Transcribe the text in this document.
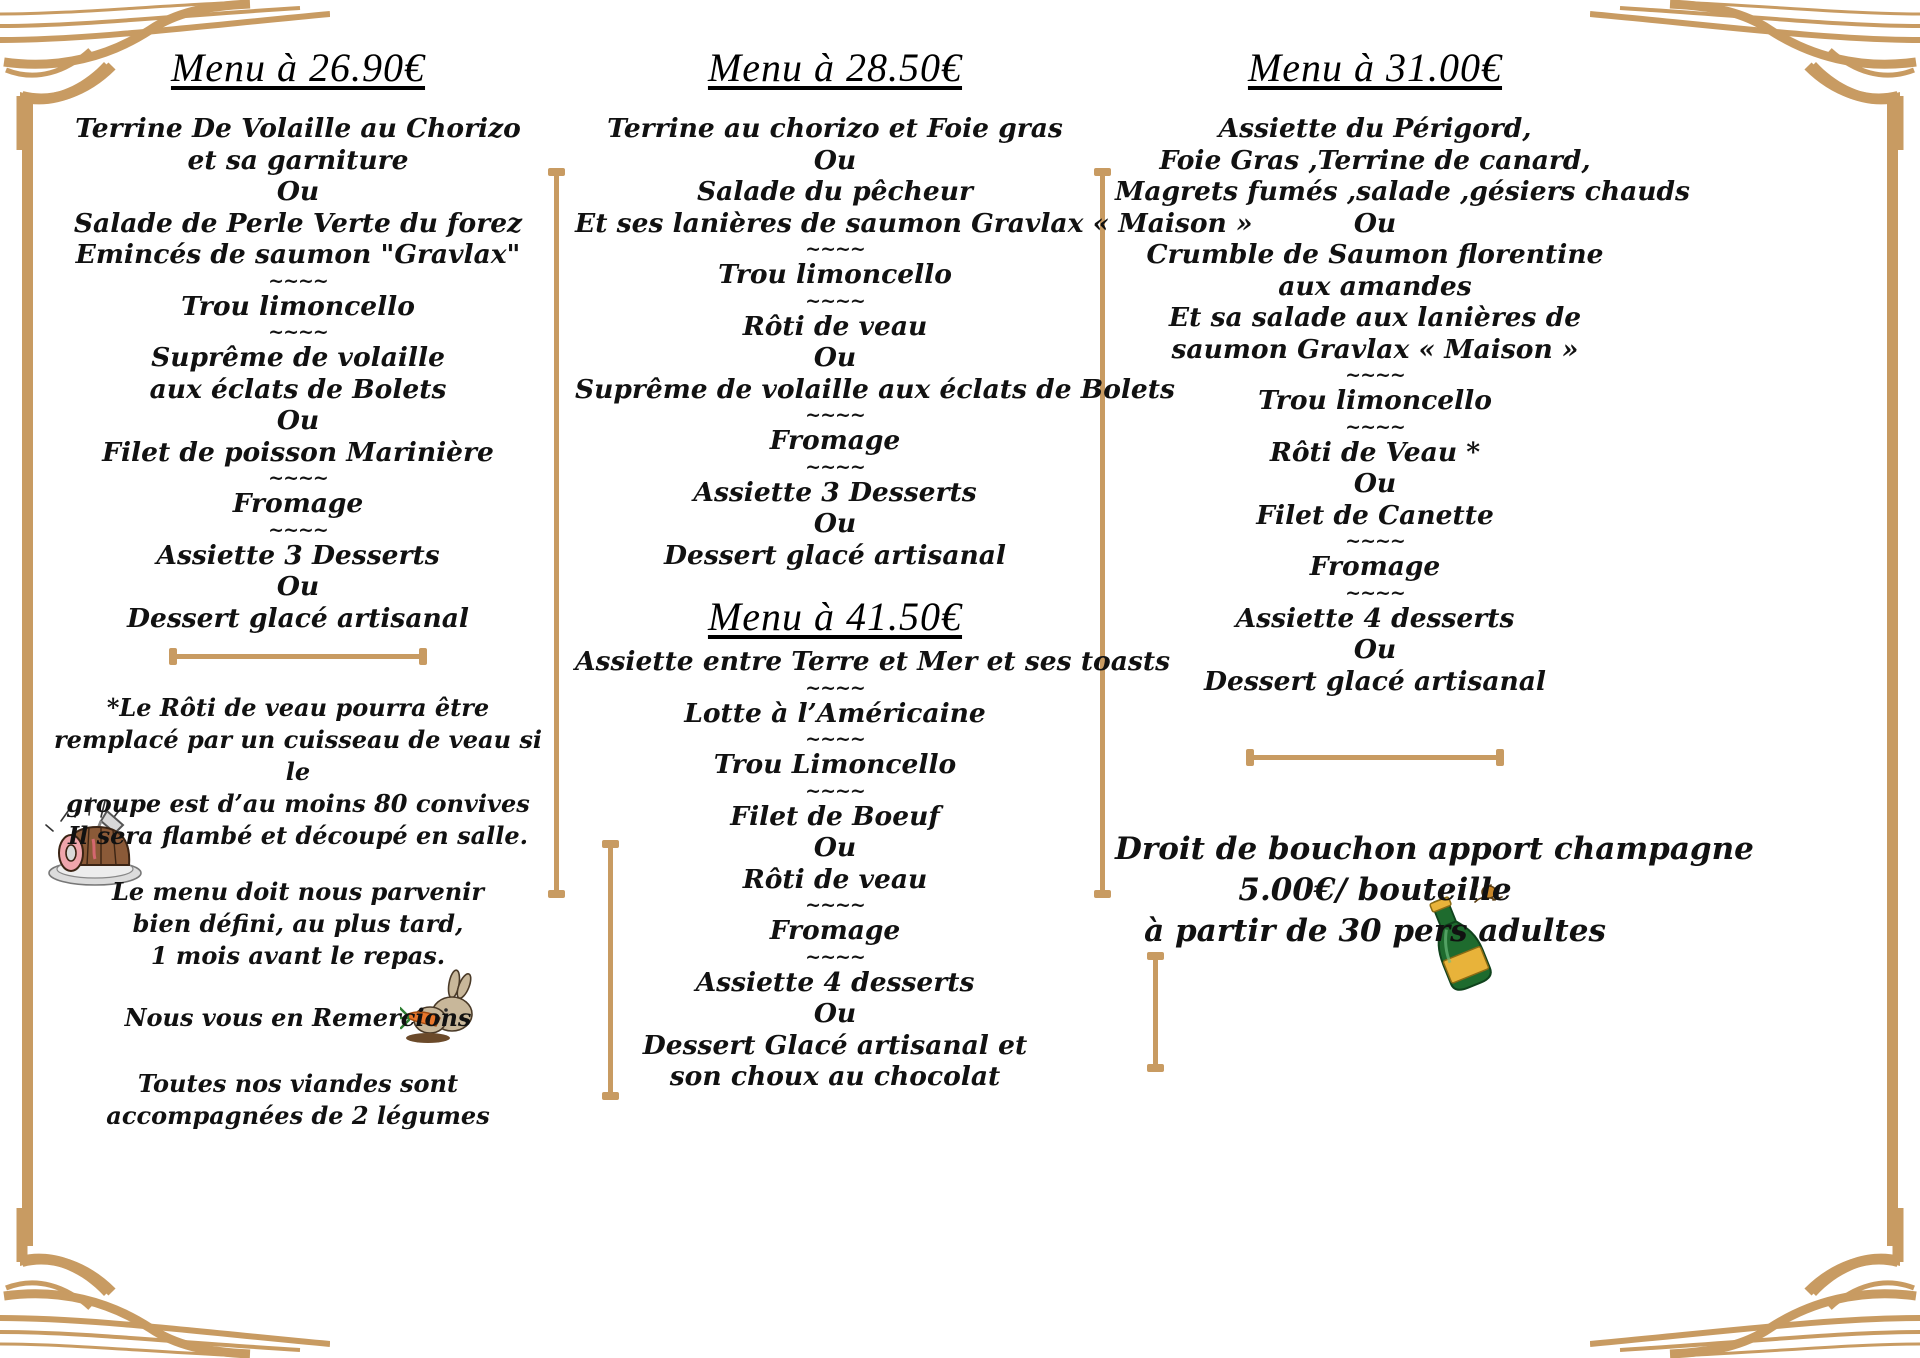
Menu à 26.90€
Terrine De Volaille au Chorizo
et sa garniture
Ou
Salade de Perle Verte du forez
Emincés de saumon "Gravlax"
~~~~
Trou limoncello
~~~~
Suprême de volaille
aux éclats de Bolets
Ou
Filet de poisson Marinière
~~~~
Fromage
~~~~
Assiette 3 Desserts
Ou
Dessert glacé artisanal
*Le Rôti de veau pourra être
remplacé par un cuisseau de veau si le
groupe est d’au moins 80 convives
Il sera flambé et découpé en salle.
Le menu doit nous parvenir
bien défini, au plus tard,
1 mois avant le repas.
Nous vous en Remercions
Toutes nos viandes sont
accompagnées de 2 légumes
Menu à 28.50€
Terrine au chorizo et Foie gras
Ou
Salade du pêcheur
Et ses lanières de saumon Gravlax « Maison »
~~~~
Trou limoncello
~~~~
Rôti de veau
Ou
Suprême de volaille aux éclats de Bolets
~~~~
Fromage
~~~~
Assiette 3 Desserts
Ou
Dessert glacé artisanal
Menu à 41.50€
Assiette entre Terre et Mer et ses toasts
~~~~
Lotte à l’Américaine
~~~~
Trou Limoncello
~~~~
Filet de Boeuf
Ou
Rôti de veau
~~~~
Fromage
~~~~
Assiette 4 desserts
Ou
Dessert Glacé artisanal et
son choux au chocolat
Menu à 31.00€
Assiette du Périgord,
Foie Gras ,Terrine de canard,
Magrets fumés ,salade ,gésiers chauds
Ou
Crumble de Saumon florentine
aux amandes
Et sa salade aux lanières de
saumon Gravlax « Maison »
~~~~
Trou limoncello
~~~~
Rôti de Veau *
Ou
Filet de Canette
~~~~
Fromage
~~~~
Assiette 4 desserts
Ou
Dessert glacé artisanal
Droit de bouchon apport champagne
5.00€/ bouteille
à partir de 30 pers adultes
